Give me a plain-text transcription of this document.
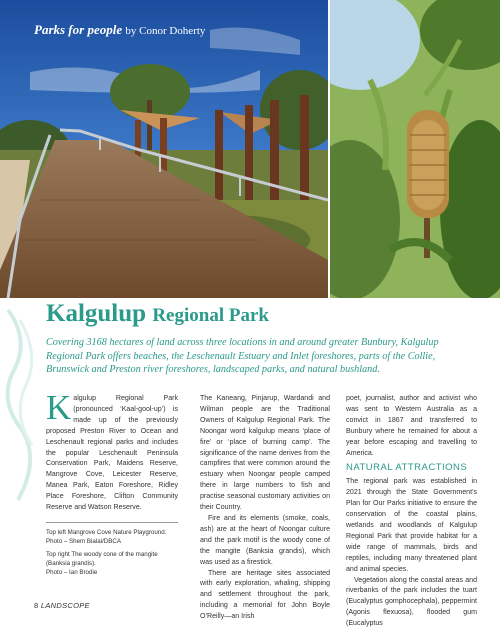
Parks for people by Conor Doherty

Kalgulup Regional Park

Covering 3168 hectares of land across three locations in and around greater Bunbury, Kalgulup Regional Park offers beaches, the Leschenault Estuary and Inlet foreshores, parts of the Collie, Brunswick and Preston river foreshores, landscaped parks, and natural bushland.

Kalgulup Regional Park (pronounced ‘Kaal-gool-up’) is made up of the previously proposed Preston River to Ocean and Leschenault regional parks and includes the popular Leschenault Peninsula Conservation Park, Maidens Reserve, Mangrove Cove, Leicester Reserve, Manea Park, Eaton Foreshore, Ridley Place Foreshore, Clifton Community Reserve and Watson Reserve.

Top left Mangrove Cove Nature Playground.
Photo – Shem Bialal/DBCA

Top right The woody cone of the mangite (Banksia grandis).
Photo – Ian Brodie

The Kaneang, Pinjarup, Wardandi and Wilman people are the Traditional Owners of Kalgulup Regional Park. The Noongar word kalgulup means ‘place of fire’ or ‘place of burning camp’. The significance of the name derives from the campfires that were common around the estuary when Noongar people camped there in large numbers to fish and practise seasonal customary activities on their Country.

Fire and its elements (smoke, coals, ash) are at the heart of Noongar culture and the park motif is the woody cone of the mangite (Banksia grandis), which was used as a firestick.

There are heritage sites associated with early exploration, whaling, shipping and settlement throughout the park, including a memorial for John Boyle O’Reilly—an Irish

poet, journalist, author and activist who was sent to Western Australia as a convict in 1867 and transferred to Bunbury where he remained for about a year before escaping and travelling to America.

NATURAL ATTRACTIONS

The regional park was established in 2021 through the State Government’s Plan for Our Parks initiative to ensure the conservation of the coastal plains, wetlands and woodlands of Kalgulup Regional Park that provide habitat for a wide range of mammals, birds and reptiles, including many threatened plant and animal species.

Vegetation along the coastal areas and riverbanks of the park includes the tuart (Eucalyptus gomphocephala), peppermint (Agonis flexuosa), flooded gum (Eucalyptus

8 LANDSCOPE
